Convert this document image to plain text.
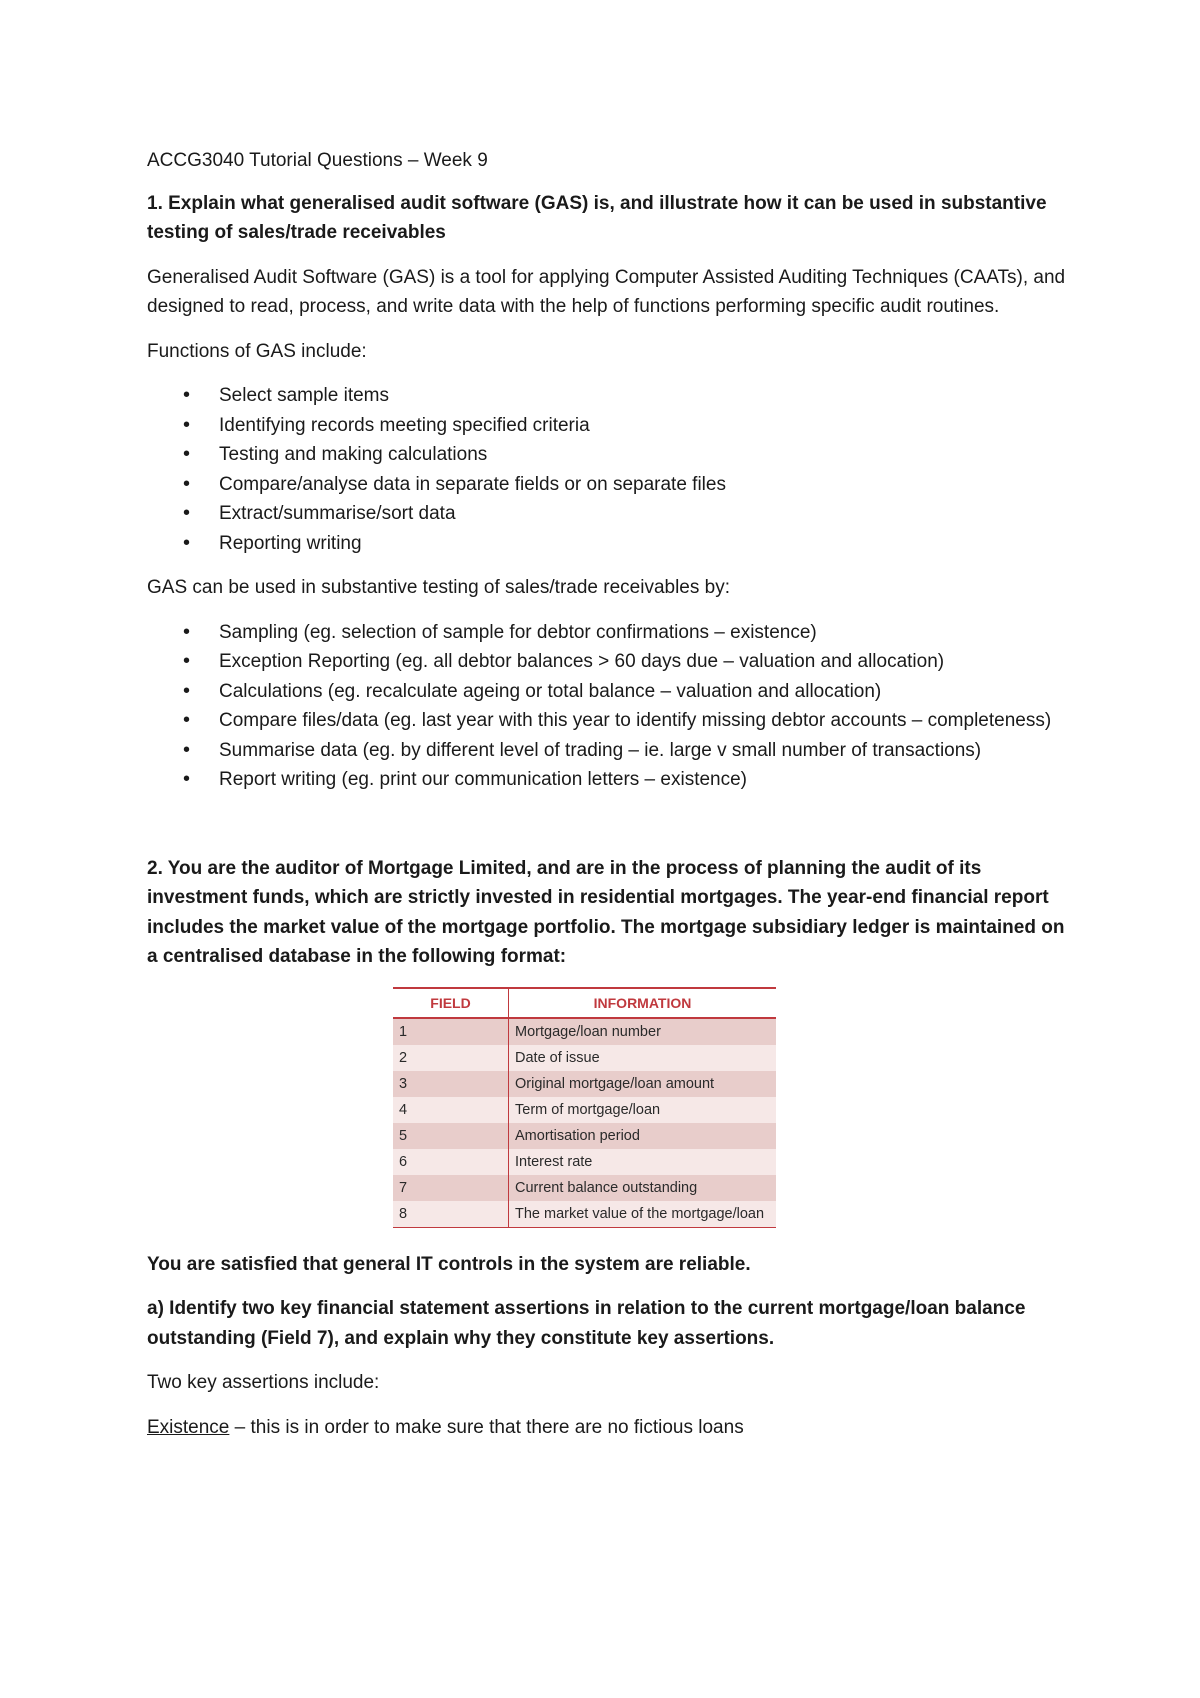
ACCG3040 Tutorial Questions – Week 9

1. Explain what generalised audit software (GAS) is, and illustrate how it can be used in substantive testing of sales/trade receivables

Generalised Audit Software (GAS) is a tool for applying Computer Assisted Auditing Techniques (CAATs), and designed to read, process, and write data with the help of functions performing specific audit routines.

Functions of GAS include:

• Select sample items
• Identifying records meeting specified criteria
• Testing and making calculations
• Compare/analyse data in separate fields or on separate files
• Extract/summarise/sort data
• Reporting writing

GAS can be used in substantive testing of sales/trade receivables by:

• Sampling (eg. selection of sample for debtor confirmations – existence)
• Exception Reporting (eg. all debtor balances > 60 days due – valuation and allocation)
• Calculations (eg. recalculate ageing or total balance – valuation and allocation)
• Compare files/data (eg. last year with this year to identify missing debtor accounts – completeness)
• Summarise data (eg. by different level of trading – ie. large v small number of transactions)
• Report writing (eg. print our communication letters – existence)

2. You are the auditor of Mortgage Limited, and are in the process of planning the audit of its investment funds, which are strictly invested in residential mortgages. The year-end financial report includes the market value of the mortgage portfolio. The mortgage subsidiary ledger is maintained on a centralised database in the following format:

FIELD	INFORMATION
1	Mortgage/loan number
2	Date of issue
3	Original mortgage/loan amount
4	Term of mortgage/loan
5	Amortisation period
6	Interest rate
7	Current balance outstanding
8	The market value of the mortgage/loan

You are satisfied that general IT controls in the system are reliable.

a) Identify two key financial statement assertions in relation to the current mortgage/loan balance outstanding (Field 7), and explain why they constitute key assertions.

Two key assertions include:

Existence – this is in order to make sure that there are no fictious loans
